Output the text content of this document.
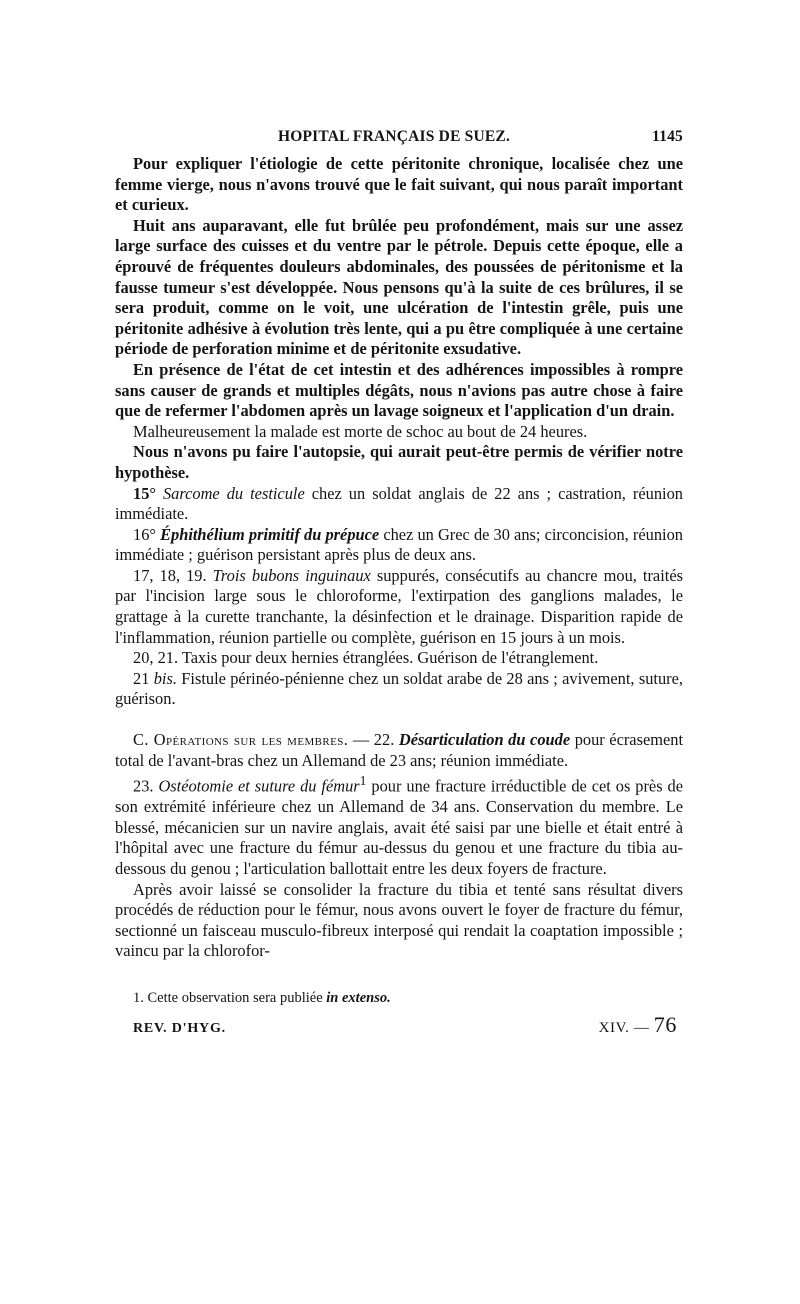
HOPITAL FRANÇAIS DE SUEZ.	1145

Pour expliquer l'étiologie de cette péritonite chronique, localisée chez une femme vierge, nous n'avons trouvé que le fait suivant, qui nous paraît important et curieux.

Huit ans auparavant, elle fut brûlée peu profondément, mais sur une assez large surface des cuisses et du ventre par le pétrole. Depuis cette époque, elle a éprouvé de fréquentes douleurs abdominales, des poussées de péritonisme et la fausse tumeur s'est développée. Nous pensons qu'à la suite de ces brûlures, il se sera produit, comme on le voit, une ulcération de l'intestin grêle, puis une péritonite adhésive à évolution très lente, qui a pu être compliquée à une certaine période de perforation minime et de péritonite exsudative.

En présence de l'état de cet intestin et des adhérences impossibles à rompre sans causer de grands et multiples dégâts, nous n'avions pas autre chose à faire que de refermer l'abdomen après un lavage soigneux et l'application d'un drain.

Malheureusement la malade est morte de schoc au bout de 24 heures.

Nous n'avons pu faire l'autopsie, qui aurait peut-être permis de vérifier notre hypothèse.

15° Sarcome du testicule chez un soldat anglais de 22 ans ; castration, réunion immédiate.

16° Éphithélium primitif du prépuce chez un Grec de 30 ans; circoncision, réunion immédiate ; guérison persistant après plus de deux ans.

17, 18, 19. Trois bubons inguinaux suppurés, consécutifs au chancre mou, traités par l'incision large sous le chloroforme, l'extirpation des ganglions malades, le grattage à la curette tranchante, la désinfection et le drainage. Disparition rapide de l'inflammation, réunion partielle ou complète, guérison en 15 jours à un mois.

20, 21. Taxis pour deux hernies étranglées. Guérison de l'étranglement.

21 bis. Fistule périnéo-pénienne chez un soldat arabe de 28 ans ; avivement, suture, guérison.

C. Opérations sur les membres. — 22. Désarticulation du coude pour écrasement total de l'avant-bras chez un Allemand de 23 ans; réunion immédiate.

23. Ostéotomie et suture du fémur$^1$ pour une fracture irréductible de cet os près de son extrémité inférieure chez un Allemand de 34 ans. Conservation du membre. Le blessé, mécanicien sur un navire anglais, avait été saisi par une bielle et était entré à l'hôpital avec une fracture du fémur au-dessus du genou et une fracture du tibia au-dessous du genou ; l'articulation ballottait entre les deux foyers de fracture.

Après avoir laissé se consolider la fracture du tibia et tenté sans résultat divers procédés de réduction pour le fémur, nous avons ouvert le foyer de fracture du fémur, sectionné un faisceau musculo-fibreux interposé qui rendait la coaptation impossible ; vaincu par la chlorofor-

1. Cette observation sera publiée in extenso.

REV. D'HYG.	XIV. — 76
